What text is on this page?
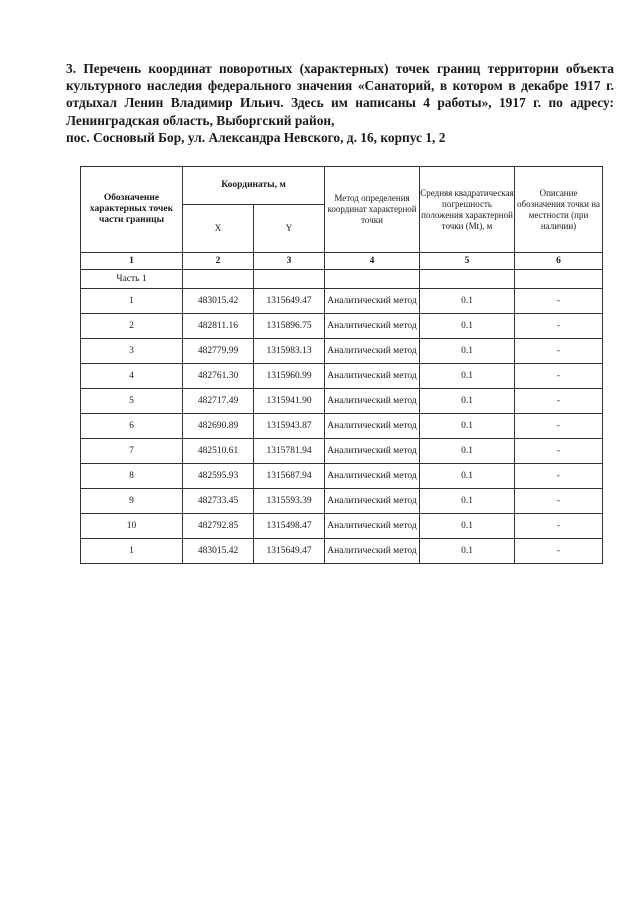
3. Перечень координат поворотных (характерных) точек границ территории объекта культурного наследия федерального значения «Санаторий, в котором в декабре 1917 г. отдыхал Ленин Владимир Ильич. Здесь им написаны 4 работы», 1917 г. по адресу: Ленинградская область, Выборгский район,
пос. Сосновый Бор, ул. Александра Невского, д. 16, корпус 1, 2
Обозначение характерных точек части границы	Координаты, м		Метод определения координат характерной точки	Средняя квадратическая погрешность положения характерной точки (Mt), м	Описание обозначения точки на местности (при наличии)
	X	Y			
1	2	3	4	5	6
Часть 1					
1	483015.42	1315649.47	Аналитический метод	0.1	-
2	482811.16	1315896.75	Аналитический метод	0.1	-
3	482779.99	1315983.13	Аналитический метод	0.1	-
4	482761.30	1315960.99	Аналитический метод	0.1	-
5	482717.49	1315941.90	Аналитический метод	0.1	-
6	482690.89	1315943.87	Аналитический метод	0.1	-
7	482510.61	1315781.94	Аналитический метод	0.1	-
8	482595.93	1315687.94	Аналитический метод	0.1	-
9	482733.45	1315593.39	Аналитический метод	0.1	-
10	482792.85	1315498.47	Аналитический метод	0.1	-
1	483015.42	1315649.47	Аналитический метод	0.1	-
